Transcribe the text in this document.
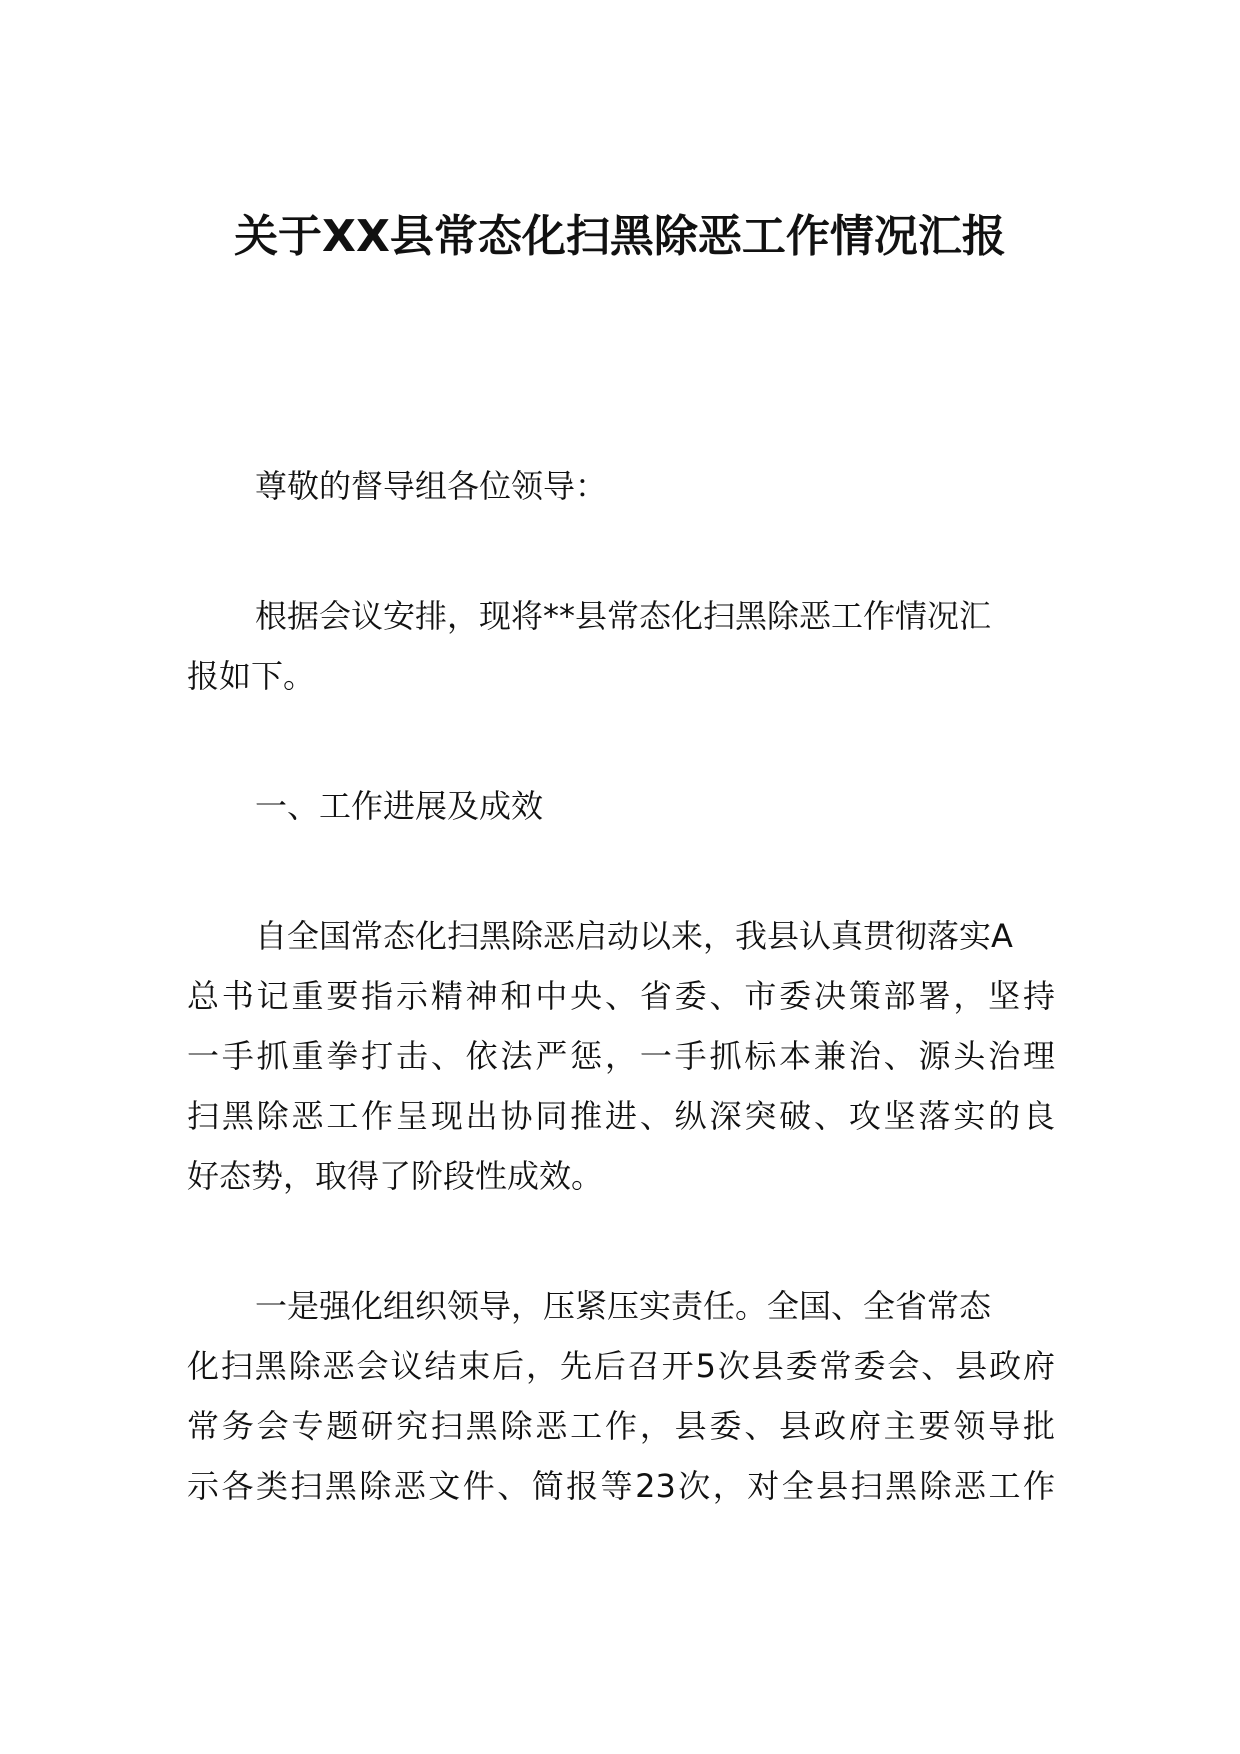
关于XX县常态化扫黑除恶工作情况汇报

尊敬的督导组各位领导：

根据会议安排，现将**县常态化扫黑除恶工作情况汇

报如下。

一、工作进展及成效

自全国常态化扫黑除恶启动以来，我县认真贯彻落实A

总书记重要指示精神和中央、省委、市委决策部署，坚持

一手抓重拳打击、依法严惩，一手抓标本兼治、源头治理

扫黑除恶工作呈现出协同推进、纵深突破、攻坚落实的良

好态势，取得了阶段性成效。

一是强化组织领导，压紧压实责任。全国、全省常态

化扫黑除恶会议结束后，先后召开5次县委常委会、县政府

常务会专题研究扫黑除恶工作，县委、县政府主要领导批

示各类扫黑除恶文件、简报等23次，对全县扫黑除恶工作
